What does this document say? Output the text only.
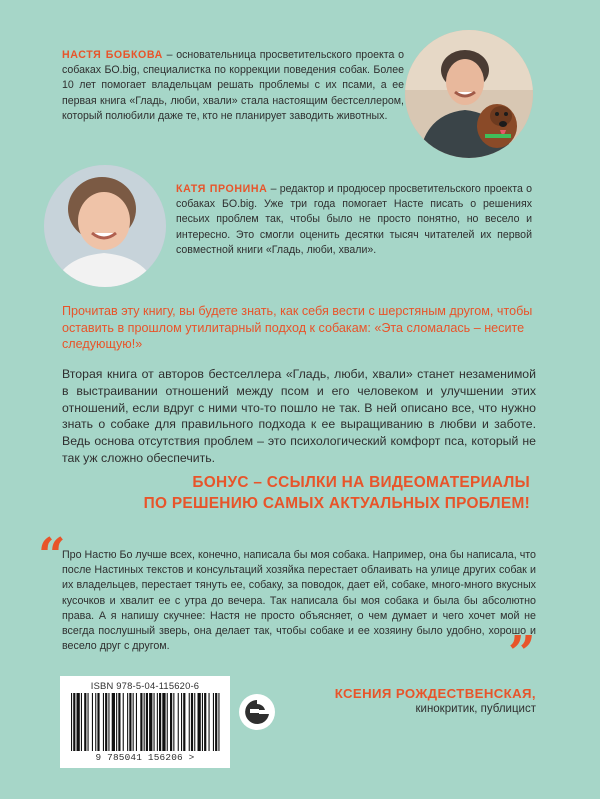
НАСТЯ БОБКОВА – основательница просветительского проекта о собаках БО.big, специалистка по коррекции поведения собак. Более 10 лет помогает владельцам решать проблемы с их псами, а ее первая книга «Гладь, люби, хвали» стала настоящим бестселлером, который полюбили даже те, кто не планирует заводить животных.
КАТЯ ПРОНИНА – редактор и продюсер просветительского проекта о собаках БО.big. Уже три года помогает Насте писать о решениях песьих проблем так, чтобы было не просто понятно, но весело и интересно. Это смогли оценить десятки тысяч читателей их первой совместной книги «Гладь, люби, хвали».
Прочитав эту книгу, вы будете знать, как себя вести с шерстяным другом, чтобы оставить в прошлом утилитарный подход к собакам: «Эта сломалась – несите следующую!»
Вторая книга от авторов бестселлера «Гладь, люби, хвали» станет незаменимой в выстраивании отношений между псом и его человеком и улучшении этих отношений, если вдруг с ними что-то пошло не так. В ней описано все, что нужно знать о собаке для правильного подхода к ее выращиванию в любви и заботе. Ведь основа отсутствия проблем – это психологический комфорт пса, который не так уж сложно обеспечить.
БОНУС – ССЫЛКИ НА ВИДЕОМАТЕРИАЛЫ
ПО РЕШЕНИЮ САМЫХ АКТУАЛЬНЫХ ПРОБЛЕМ!
“
Про Настю Бо лучше всех, конечно, написала бы моя собака. Например, она бы написала, что после Настиных текстов и консультаций хозяйка перестает облаивать на улице других собак и их владельцев, перестает тянуть ее, собаку, за поводок, дает ей, собаке, много-много вкусных кусочков и хвалит ее с утра до вечера. Так написала бы моя собака и была бы абсолютно права. А я напишу скучнее: Настя не просто объясняет, о чем думает и чего хочет мой не всегда послушный зверь, она делает так, чтобы собаке и ее хозяину было удобно, хорошо и весело друг с другом.	”
КСЕНИЯ РОЖДЕСТВЕНСКАЯ,
кинокритик, публицист
ISBN 978-5-04-115620-6
9 785041 156206 >
